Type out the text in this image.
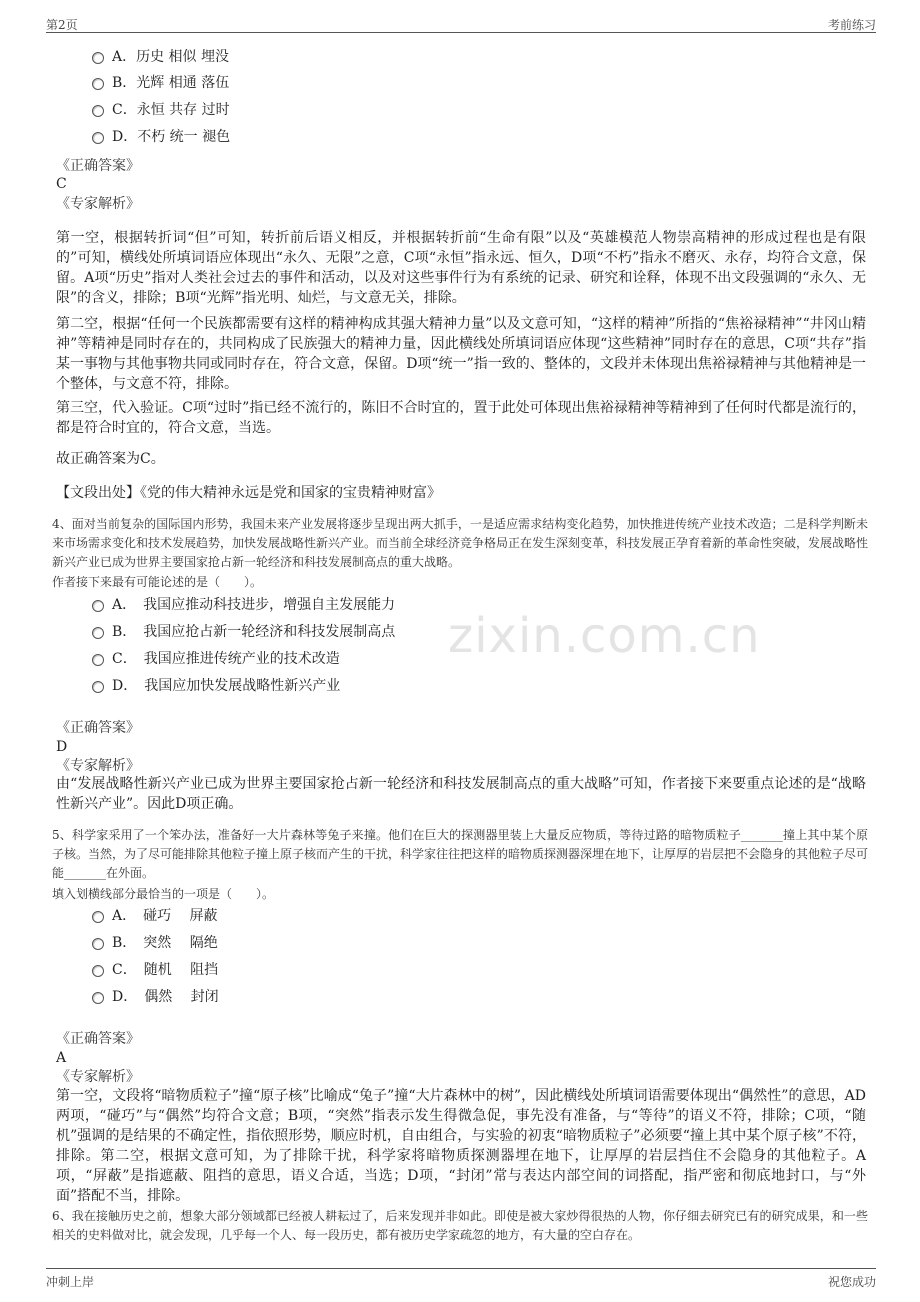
第2页	考前练习
zixin.com.cn
A．历史 相似 埋没
B．光辉 相通 落伍
C．永恒 共存 过时
D．不朽 统一 褪色
《正确答案》
C
《专家解析》
第一空，根据转折词“但”可知，转折前后语义相反，并根据转折前“生命有限”以及“英雄模范人物崇高精神的形成过程也是有限的”可知，横线处所填词语应体现出“永久、无限”之意，C项“永恒”指永远、恒久，D项“不朽”指永不磨灭、永存，均符合文意，保留。A项“历史”指对人类社会过去的事件和活动，以及对这些事件行为有系统的记录、研究和诠释，体现不出文段强调的“永久、无限”的含义，排除；B项“光辉”指光明、灿烂，与文意无关，排除。
第二空，根据“任何一个民族都需要有这样的精神构成其强大精神力量”以及文意可知，“这样的精神”所指的“焦裕禄精神”“井冈山精神”等精神是同时存在的，共同构成了民族强大的精神力量，因此横线处所填词语应体现“这些精神”同时存在的意思，C项“共存”指某一事物与其他事物共同或同时存在，符合文意，保留。D项“统一”指一致的、整体的，文段并未体现出焦裕禄精神与其他精神是一个整体，与文意不符，排除。
第三空，代入验证。C项“过时”指已经不流行的，陈旧不合时宜的，置于此处可体现出焦裕禄精神等精神到了任何时代都是流行的，都是符合时宜的，符合文意，当选。
故正确答案为C。
【文段出处】《党的伟大精神永远是党和国家的宝贵精神财富》
4、面对当前复杂的国际国内形势，我国未来产业发展将逐步呈现出两大抓手，一是适应需求结构变化趋势，加快推进传统产业技术改造；二是科学判断未来市场需求变化和技术发展趋势，加快发展战略性新兴产业。而当前全球经济竞争格局正在发生深刻变革，科技发展正孕育着新的革命性突破，发展战略性新兴产业已成为世界主要国家抢占新一轮经济和科技发展制高点的重大战略。
作者接下来最有可能论述的是（　　）。
A．　我国应推动科技进步，增强自主发展能力
B．　我国应抢占新一轮经济和科技发展制高点
C．　我国应推进传统产业的技术改造
D．　我国应加快发展战略性新兴产业
《正确答案》
D
《专家解析》
由“发展战略性新兴产业已成为世界主要国家抢占新一轮经济和科技发展制高点的重大战略”可知，作者接下来要重点论述的是“战略性新兴产业”。因此D项正确。
5、科学家采用了一个笨办法，准备好一大片森林等兔子来撞。他们在巨大的探测器里装上大量反应物质，等待过路的暗物质粒子_______撞上其中某个原子核。当然，为了尽可能排除其他粒子撞上原子核而产生的干扰，科学家往往把这样的暗物质探测器深埋在地下，让厚厚的岩层把不会隐身的其他粒子尽可能_______在外面。
填入划横线部分最恰当的一项是（　　）。
A．　碰巧　 屏蔽
B．　突然　 隔绝
C．　随机　 阻挡
D．　偶然　 封闭
《正确答案》
A
《专家解析》
第一空，文段将“暗物质粒子”撞“原子核”比喻成“兔子”撞“大片森林中的树”，因此横线处所填词语需要体现出“偶然性”的意思，AD两项，“碰巧”与“偶然”均符合文意；B项，“突然”指表示发生得微急促，事先没有准备，与“等待”的语义不符，排除；C项，“随机”强调的是结果的不确定性，指依照形势，顺应时机，自由组合，与实验的初衷“暗物质粒子”必须要“撞上其中某个原子核”不符，排除。第二空，根据文意可知，为了排除干扰，科学家将暗物质探测器埋在地下，让厚厚的岩层挡住不会隐身的其他粒子。A项，“屏蔽”是指遮蔽、阻挡的意思，语义合适，当选；D项，“封闭”常与表达内部空间的词搭配，指严密和彻底地封口，与“外面”搭配不当，排除。
6、我在接触历史之前，想象大部分领域都已经被人耕耘过了，后来发现并非如此。即使是被大家炒得很热的人物，你仔细去研究已有的研究成果，和一些相关的史料做对比，就会发现，几乎每一个人、每一段历史，都有被历史学家疏忽的地方，有大量的空白存在。
冲刺上岸	祝您成功
